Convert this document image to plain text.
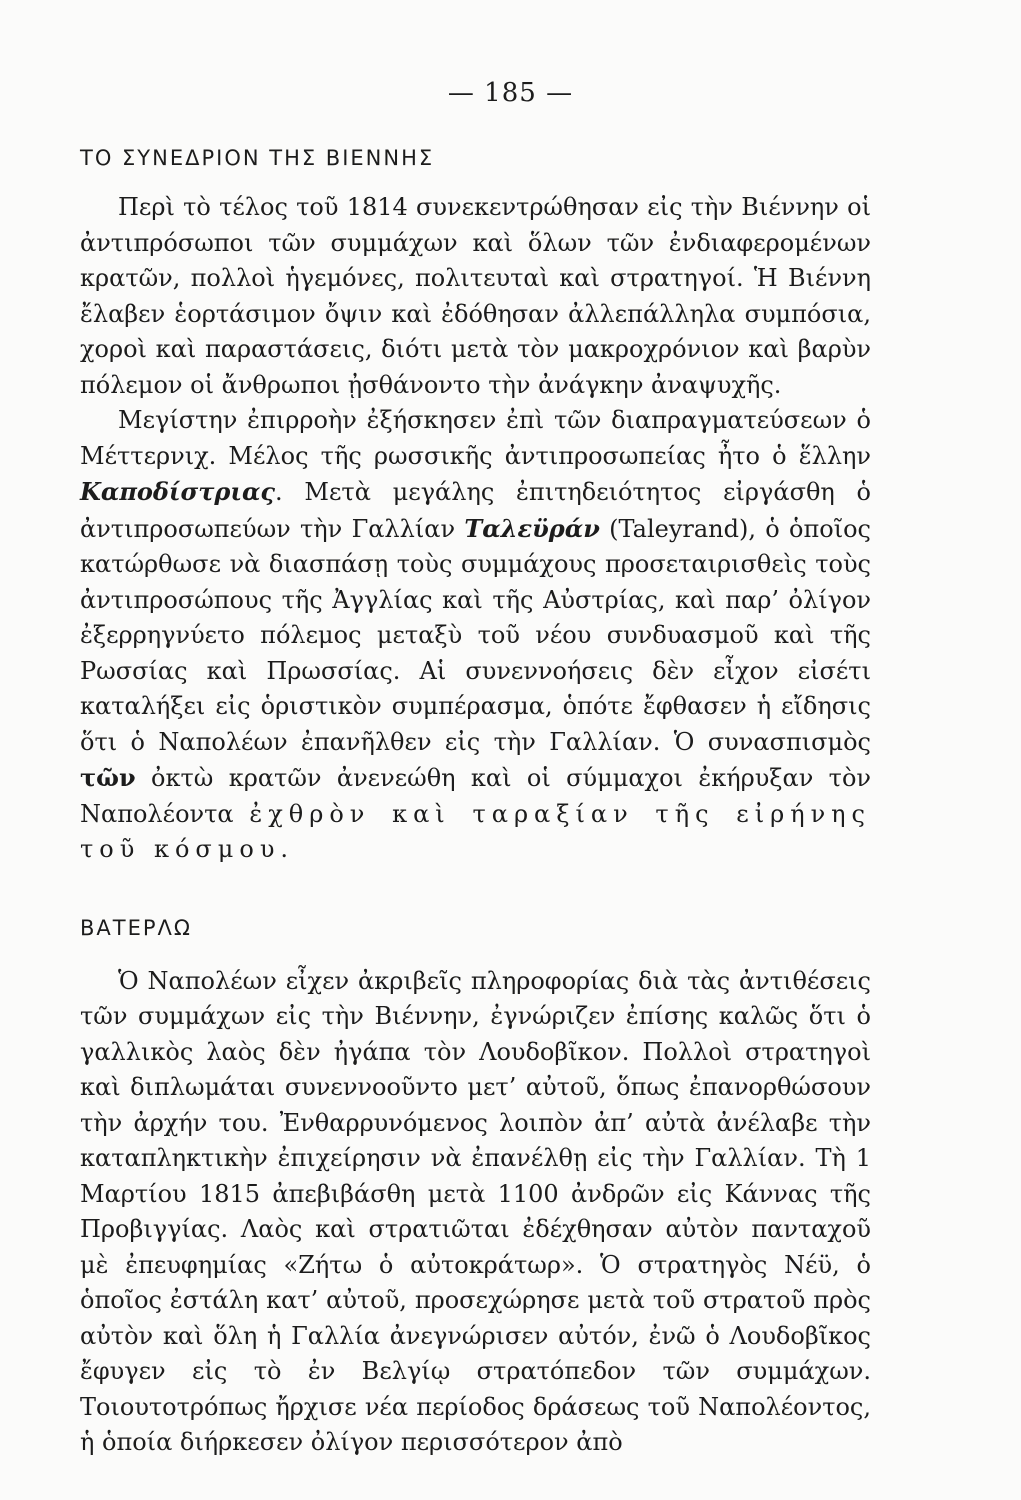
— 185 —
ΤΟ ΣΥΝΕΔΡΙΟΝ ΤΗΣ ΒΙΕΝΝΗΣ

Περὶ τὸ τέλος τοῦ 1814 συνεκεντρώθησαν εἰς τὴν Βιέννην οἱ ἀντιπρόσωποι τῶν συμμάχων καὶ ὅλων τῶν ἐνδιαφερομένων κρατῶν, πολλοὶ ἡγεμόνες, πολιτευταὶ καὶ στρατηγοί. Ἡ Βιέννη ἔλαβεν ἑορτάσιμον ὄψιν καὶ ἐδόθησαν ἀλλεπάλληλα συμπόσια, χοροὶ καὶ παραστάσεις, διότι μετὰ τὸν μακροχρόνιον καὶ βαρὺν πόλεμον οἱ ἄνθρωποι ᾐσθάνοντο τὴν ἀνάγκην ἀναψυχῆς.

Μεγίστην ἐπιρροὴν ἐξήσκησεν ἐπὶ τῶν διαπραγματεύσεων ὁ Μέττερνιχ. Μέλος τῆς ρωσσικῆς ἀντιπροσωπείας ἦτο ὁ ἕλλην Καποδίστριας. Μετὰ μεγάλης ἐπιτηδειότητος εἰργάσθη ὁ ἀντιπροσωπεύων τὴν Γαλλίαν Ταλεϋράν (Taleyrand), ὁ ὁποῖος κατώρθωσε νὰ διασπάσῃ τοὺς συμμάχους προσεταιρισθεὶς τοὺς ἀντιπροσώπους τῆς Ἀγγλίας καὶ τῆς Αὐστρίας, καὶ παρ’ ὀλίγον ἐξερρηγνύετο πόλεμος μεταξὺ τοῦ νέου συνδυασμοῦ καὶ τῆς Ρωσσίας καὶ Πρωσσίας. Αἱ συνεννοήσεις δὲν εἶχον εἰσέτι καταλήξει εἰς ὁριστικὸν συμπέρασμα, ὁπότε ἔφθασεν ἡ εἴδησις ὅτι ὁ Ναπολέων ἐπανῆλθεν εἰς τὴν Γαλλίαν. Ὁ συνασπισμὸς τῶν ὀκτὼ κρατῶν ἀνενεώθη καὶ οἱ σύμμαχοι ἐκήρυξαν τὸν Ναπολέοντα ἐχθρὸν καὶ ταραξίαν τῆς εἰρήνης τοῦ κόσμου.

ΒΑΤΕΡΛΩ

Ὁ Ναπολέων εἶχεν ἀκριβεῖς πληροφορίας διὰ τὰς ἀντιθέσεις τῶν συμμάχων εἰς τὴν Βιέννην, ἐγνώριζεν ἐπίσης καλῶς ὅτι ὁ γαλλικὸς λαὸς δὲν ἠγάπα τὸν Λουδοβῖκον. Πολλοὶ στρατηγοὶ καὶ διπλωμάται συνεννοοῦντο μετ’ αὐτοῦ, ὅπως ἐπανορθώσουν τὴν ἀρχήν του. Ἐνθαρρυνόμενος λοιπὸν ἀπ’ αὐτὰ ἀνέλαβε τὴν καταπληκτικὴν ἐπιχείρησιν νὰ ἐπανέλθῃ εἰς τὴν Γαλλίαν. Τὴ 1 Μαρτίου 1815 ἀπεβιβάσθη μετὰ 1100 ἀνδρῶν εἰς Κάννας τῆς Προβιγγίας. Λαὸς καὶ στρατιῶται ἐδέχθησαν αὐτὸν πανταχοῦ μὲ ἐπευφημίας «Ζήτω ὁ αὐτοκράτωρ». Ὁ στρατηγὸς Νέϋ, ὁ ὁποῖος ἐστάλη κατ’ αὐτοῦ, προσεχώρησε μετὰ τοῦ στρατοῦ πρὸς αὐτὸν καὶ ὅλη ἡ Γαλλία ἀνεγνώρισεν αὐτόν, ἐνῶ ὁ Λουδοβῖκος ἔφυγεν εἰς τὸ ἐν Βελγίῳ στρατόπεδον τῶν συμμάχων. Τοιουτοτρόπως ἤρχισε νέα περίοδος δράσεως τοῦ Ναπολέοντος, ἡ ὁποία διήρκεσεν ὀλίγον περισσότερον ἀπὸ
